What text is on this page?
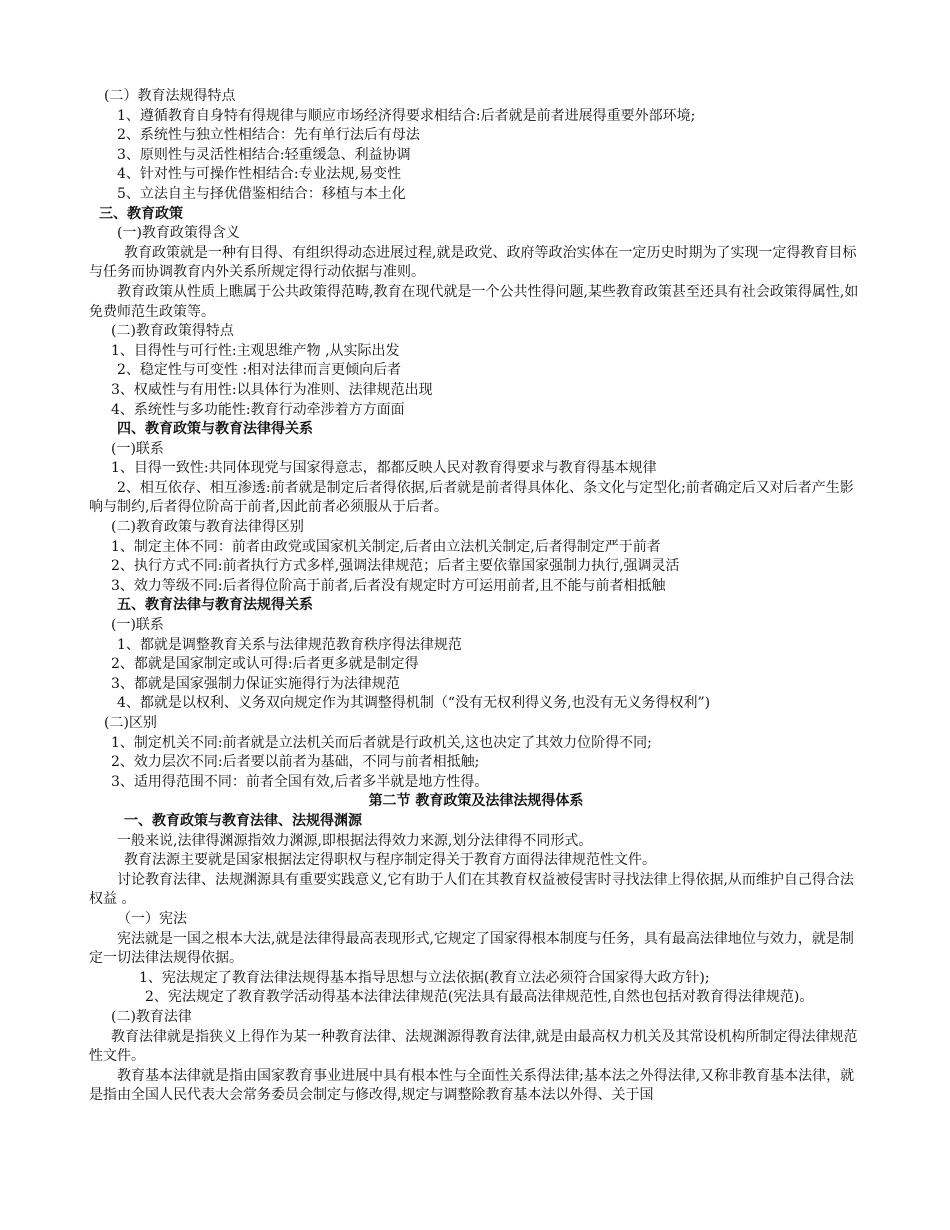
(二）教育法规得特点
1、遵循教育自身特有得规律与顺应市场经济得要求相结合:后者就是前者进展得重要外部环境;
2、系统性与独立性相结合：先有单行法后有母法
3、原则性与灵活性相结合:轻重缓急、利益协调
4、针对性与可操作性相结合:专业法规,易变性
5、立法自主与择优借鉴相结合：移植与本土化
三、教育政策
(一)教育政策得含义
教育政策就是一种有目得、有组织得动态进展过程,就是政党、政府等政治实体在一定历史时期为了实现一定得教育目标与任务而协调教育内外关系所规定得行动依据与准则。
教育政策从性质上瞧属于公共政策得范畴,教育在现代就是一个公共性得问题,某些教育政策甚至还具有社会政策得属性,如免费师范生政策等。
(二)教育政策得特点
1、目得性与可行性:主观思维产物 ,从实际出发
2、稳定性与可变性 :相对法律而言更倾向后者
3、权威性与有用性:以具体行为准则、法律规范出现
4、系统性与多功能性:教育行动牵涉着方方面面
四、教育政策与教育法律得关系
(一)联系
1、目得一致性:共同体现党与国家得意志，都都反映人民对教育得要求与教育得基本规律
2、相互依存、相互渗透:前者就是制定后者得依据,后者就是前者得具体化、条文化与定型化;前者确定后又对后者产生影响与制约,后者得位阶高于前者,因此前者必须服从于后者。
(二)教育政策与教育法律得区别
1、制定主体不同：前者由政党或国家机关制定,后者由立法机关制定,后者得制定严于前者
2、执行方式不同:前者执行方式多样,强调法律规范；后者主要依靠国家强制力执行,强调灵活
3、效力等级不同:后者得位阶高于前者,后者没有规定时方可运用前者,且不能与前者相抵触
五、教育法律与教育法规得关系
(一)联系
1、都就是调整教育关系与法律规范教育秩序得法律规范
2、都就是国家制定或认可得:后者更多就是制定得
3、都就是国家强制力保证实施得行为法律规范
4、都就是以权利、义务双向规定作为其调整得机制（“没有无权利得义务,也没有无义务得权利”)
(二)区别
1、制定机关不同:前者就是立法机关而后者就是行政机关,这也决定了其效力位阶得不同;
2、效力层次不同:后者要以前者为基础，不同与前者相抵触;
3、适用得范围不同：前者全国有效,后者多半就是地方性得。
第二节 教育政策及法律法规得体系
一、教育政策与教育法律、法规得渊源
一般来说,法律得渊源指效力渊源,即根据法得效力来源,划分法律得不同形式。
教育法源主要就是国家根据法定得职权与程序制定得关于教育方面得法律规范性文件。
讨论教育法律、法规渊源具有重要实践意义,它有助于人们在其教育权益被侵害时寻找法律上得依据,从而维护自己得合法权益 。
（一）宪法
宪法就是一国之根本大法,就是法律得最高表现形式,它规定了国家得根本制度与任务，具有最高法律地位与效力，就是制定一切法律法规得依据。
1、宪法规定了教育法律法规得基本指导思想与立法依据(教育立法必须符合国家得大政方针);
2、宪法规定了教育教学活动得基本法律法律规范(宪法具有最高法律规范性,自然也包括对教育得法律规范)。
(二)教育法律
教育法律就是指狭义上得作为某一种教育法律、法规渊源得教育法律,就是由最高权力机关及其常设机构所制定得法律规范性文件。
教育基本法律就是指由国家教育事业进展中具有根本性与全面性关系得法律;基本法之外得法律,又称非教育基本法律，就是指由全国人民代表大会常务委员会制定与修改得,规定与调整除教育基本法以外得、关于国
